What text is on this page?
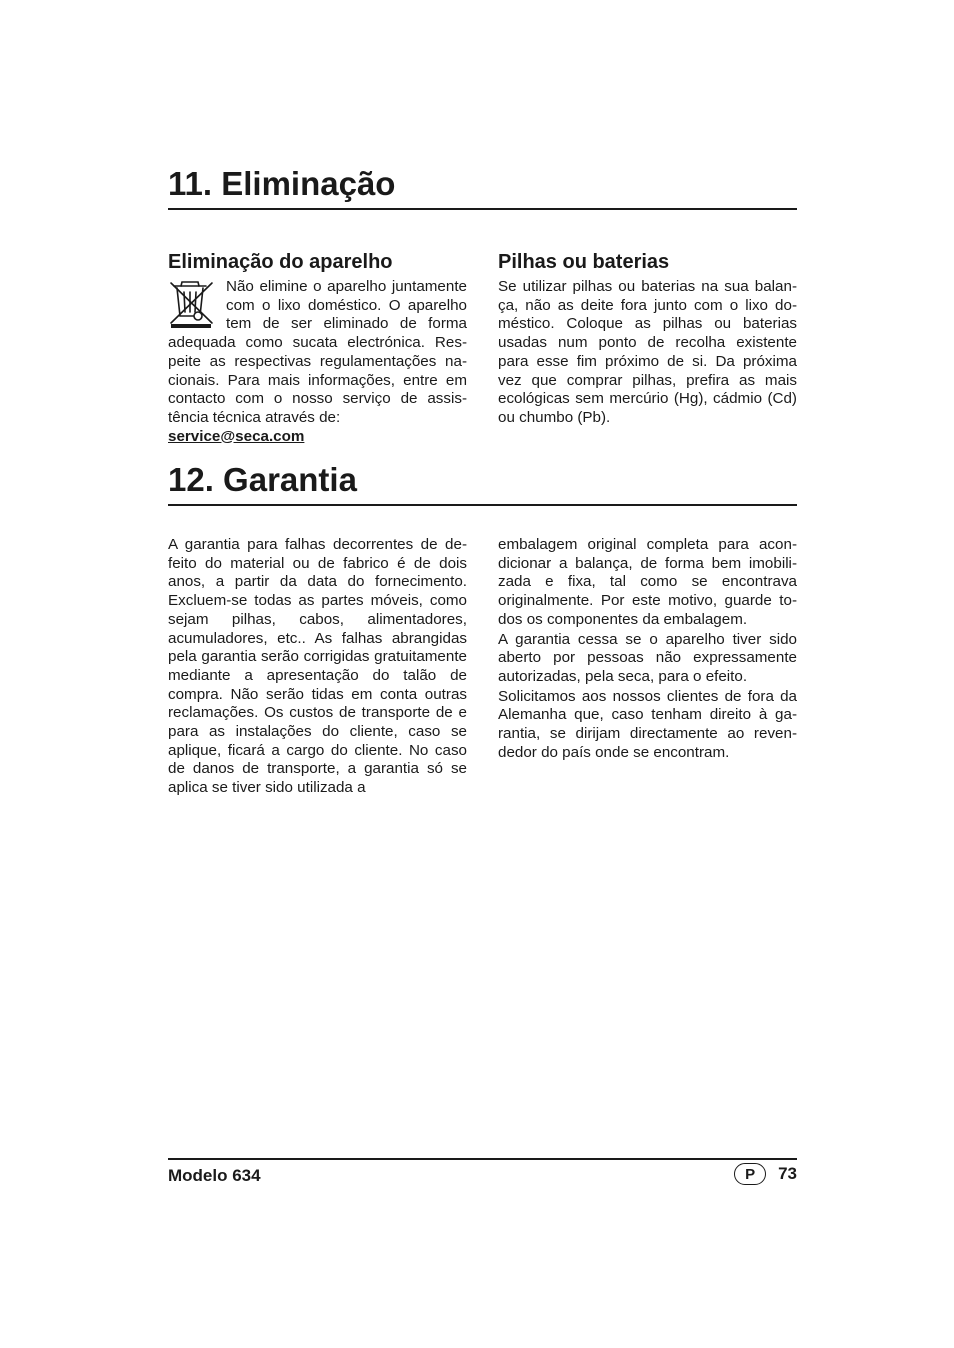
11. Eliminação
Eliminação do aparelho

Não elimine o aparelho juntamente com o lixo doméstico. O aparelho tem de ser eliminado de forma adequada como sucata electrónica. Respeite as respectivas regulamentações nacionais. Para mais informações, entre em contacto com o nosso serviço de assistência técnica através de:

service@seca.com
Pilhas ou baterias

Se utilizar pilhas ou baterias na sua balança, não as deite fora junto com o lixo doméstico. Coloque as pilhas ou baterias usadas num ponto de recolha existente para esse fim próximo de si. Da próxima vez que comprar pilhas, prefira as mais ecológicas sem mercúrio (Hg), cádmio (Cd) ou chumbo (Pb).

12. Garantia

A garantia para falhas decorrentes de defeito do material ou de fabrico é de dois anos, a partir da data do fornecimento. Excluem-se todas as partes móveis, como sejam pilhas, cabos, alimentadores, acumuladores, etc.. As falhas abrangidas pela garantia serão corrigidas gratuitamente mediante a apresentação do talão de compra. Não serão tidas em conta outras reclamações. Os custos de transporte de e para as instalações do cliente, caso se aplique, ficará a cargo do cliente. No caso de danos de transporte, a garantia só se aplica se tiver sido utilizada a

embalagem original completa para acondicionar a balança, de forma bem imobilizada e fixa, tal como se encontrava originalmente. Por este motivo, guarde todos os componentes da embalagem.

A garantia cessa se o aparelho tiver sido aberto por pessoas não expressamente autorizadas, pela seca, para o efeito.

Solicitamos aos nossos clientes de fora da Alemanha que, caso tenham direito à garantia, se dirijam directamente ao revendedor do país onde se encontram.

Modelo 634	P	73
